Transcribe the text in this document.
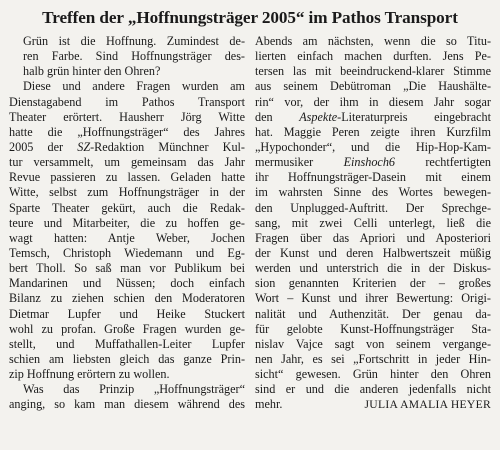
Treffen der „Hoffnungsträger 2005“ im Pathos Transport
Grün ist die Hoffnung. Zumindest de-
ren Farbe. Sind Hoffnungsträger des-
halb grün hinter den Ohren?
Diese und andere Fragen wurden am
Dienstagabend im Pathos Transport
Theater erörtert. Hausherr Jörg Witte
hatte die „Hoffnungsträger“ des Jahres
2005 der SZ-Redaktion Münchner Kul-
tur versammelt, um gemeinsam das Jahr
Revue passieren zu lassen. Geladen hatte
Witte, selbst zum Hoffnungsträger in der
Sparte Theater gekürt, auch die Redak-
teure und Mitarbeiter, die zu hoffen ge-
wagt hatten: Antje Weber, Jochen
Temsch, Christoph Wiedemann und Eg-
bert Tholl. So saß man vor Publikum bei
Mandarinen und Nüssen; doch einfach
Bilanz zu ziehen schien den Moderatoren
Dietmar Lupfer und Heike Stuckert
wohl zu profan. Große Fragen wurden ge-
stellt, und Muffathallen-Leiter Lupfer
schien am liebsten gleich das ganze Prin-
zip Hoffnung erörtern zu wollen.
Was das Prinzip „Hoffnungsträger“
anging, so kam man diesem während des
Abends am nächsten, wenn die so Titu-
lierten einfach machen durften. Jens Pe-
tersen las mit beeindruckend-klarer Stimme
aus seinem Debütroman „Die Haushälte-
rin“ vor, der ihm in diesem Jahr sogar
den Aspekte-Literaturpreis eingebracht
hat. Maggie Peren zeigte ihren Kurzfilm
„Hypochonder“, und die Hip-Hop-Kam-
mermusiker Einshoch6 rechtfertigten
ihr Hoffnungsträger-Dasein mit einem
im wahrsten Sinne des Wortes bewegen-
den Unplugged-Auftritt. Der Sprechge-
sang, mit zwei Celli unterlegt, ließ die
Fragen über das Apriori und Aposteriori
der Kunst und deren Halbwertszeit müßig
werden und unterstrich die in der Diskus-
sion genannten Kriterien der – großes
Wort – Kunst und ihrer Bewertung: Origi-
nalität und Authenzität. Der genau da-
für gelobte Kunst-Hoffnungsträger Sta-
nislav Vajce sagt von seinem vergange-
nen Jahr, es sei „Fortschritt in jeder Hin-
sicht“ gewesen. Grün hinter den Ohren
sind er und die anderen jedenfalls nicht
mehr.	JULIA AMALIA HEYER
